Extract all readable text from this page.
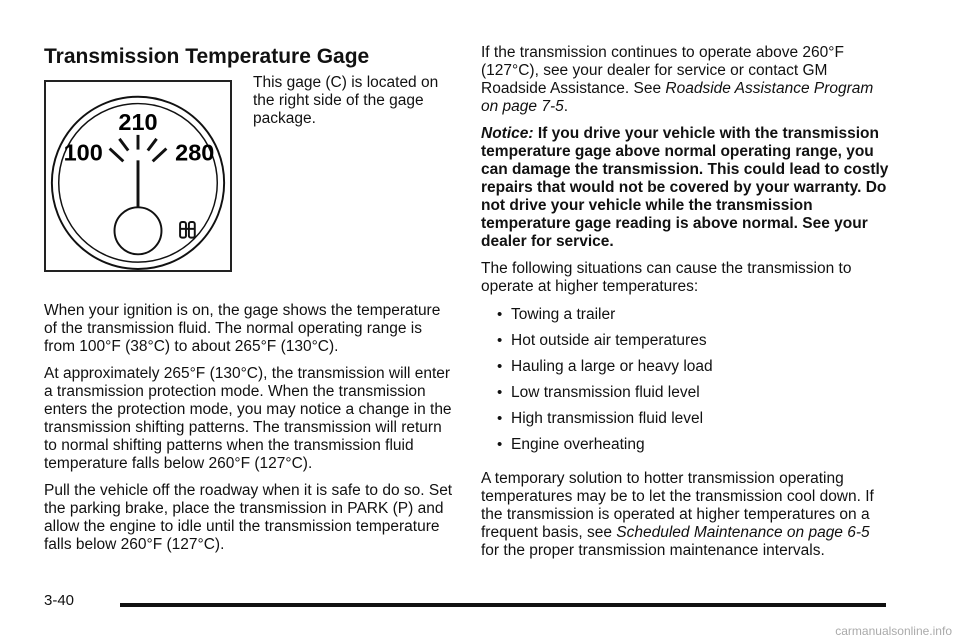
Transmission Temperature Gage
210
100	280
This gage (C) is located on the right side of the gage package.

When your ignition is on, the gage shows the temperature of the transmission fluid. The normal operating range is from 100°F (38°C) to about 265°F (130°C).

At approximately 265°F (130°C), the transmission will enter a transmission protection mode. When the transmission enters the protection mode, you may notice a change in the transmission shifting patterns. The transmission will return to normal shifting patterns when the transmission fluid temperature falls below 260°F (127°C).

Pull the vehicle off the roadway when it is safe to do so. Set the parking brake, place the transmission in PARK (P) and allow the engine to idle until the transmission temperature falls below 260°F (127°C).

If the transmission continues to operate above 260°F (127°C), see your dealer for service or contact GM Roadside Assistance. See Roadside Assistance Program on page 7-5.

Notice: If you drive your vehicle with the transmission temperature gage above normal operating range, you can damage the transmission. This could lead to costly repairs that would not be covered by your warranty. Do not drive your vehicle while the transmission temperature gage reading is above normal. See your dealer for service.

The following situations can cause the transmission to operate at higher temperatures:

• Towing a trailer
• Hot outside air temperatures
• Hauling a large or heavy load
• Low transmission fluid level
• High transmission fluid level
• Engine overheating

A temporary solution to hotter transmission operating temperatures may be to let the transmission cool down. If the transmission is operated at higher temperatures on a frequent basis, see Scheduled Maintenance on page 6-5 for the proper transmission maintenance intervals.

3-40
carmanualsonline.info
